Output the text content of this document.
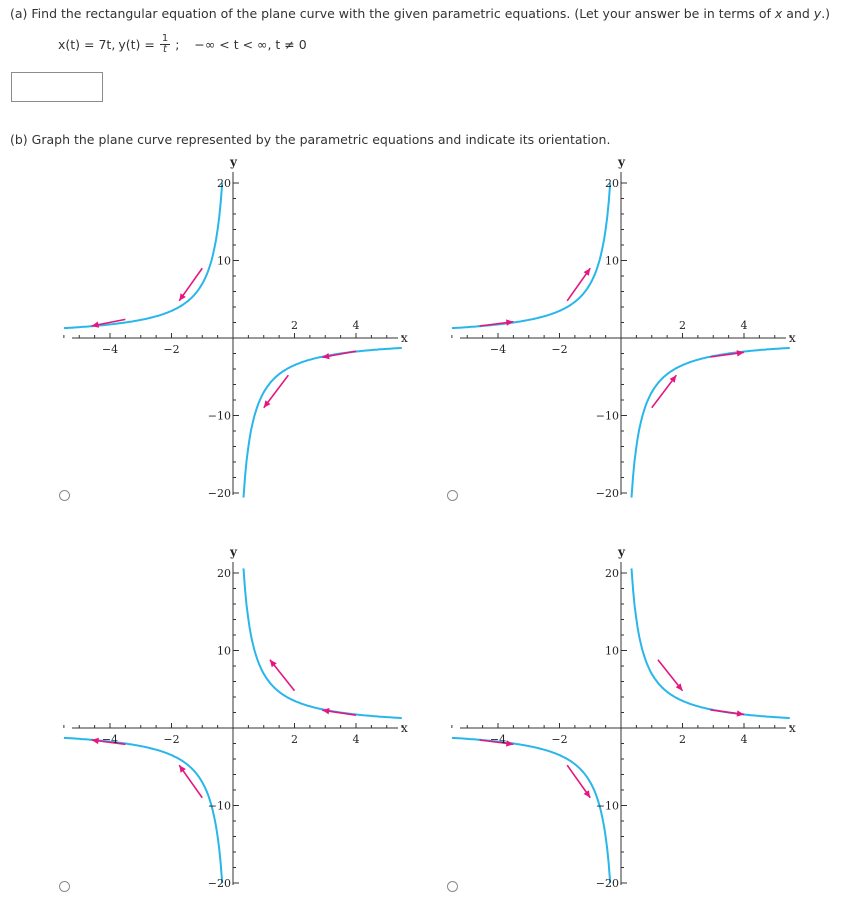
(a) Find the rectangular equation of the plane curve with the given parametric equations. (Let your answer be in terms of x and y.)
x(t) = 7t, $y(t) = \frac{1}{t}$ ; −∞ < t < ∞, t ≠ 0
(b) Graph the plane curve represented by the parametric equations and indicate its orientation.
x
y
−4	−2
2	4
20
10
−10
−20
x
y
−4	−2
2	4
20
10
−10
−20
x
y
−4	−2	2	4
20
10
−10
−20
x
y
−4	−2	2	4
20
10
−10
−20
